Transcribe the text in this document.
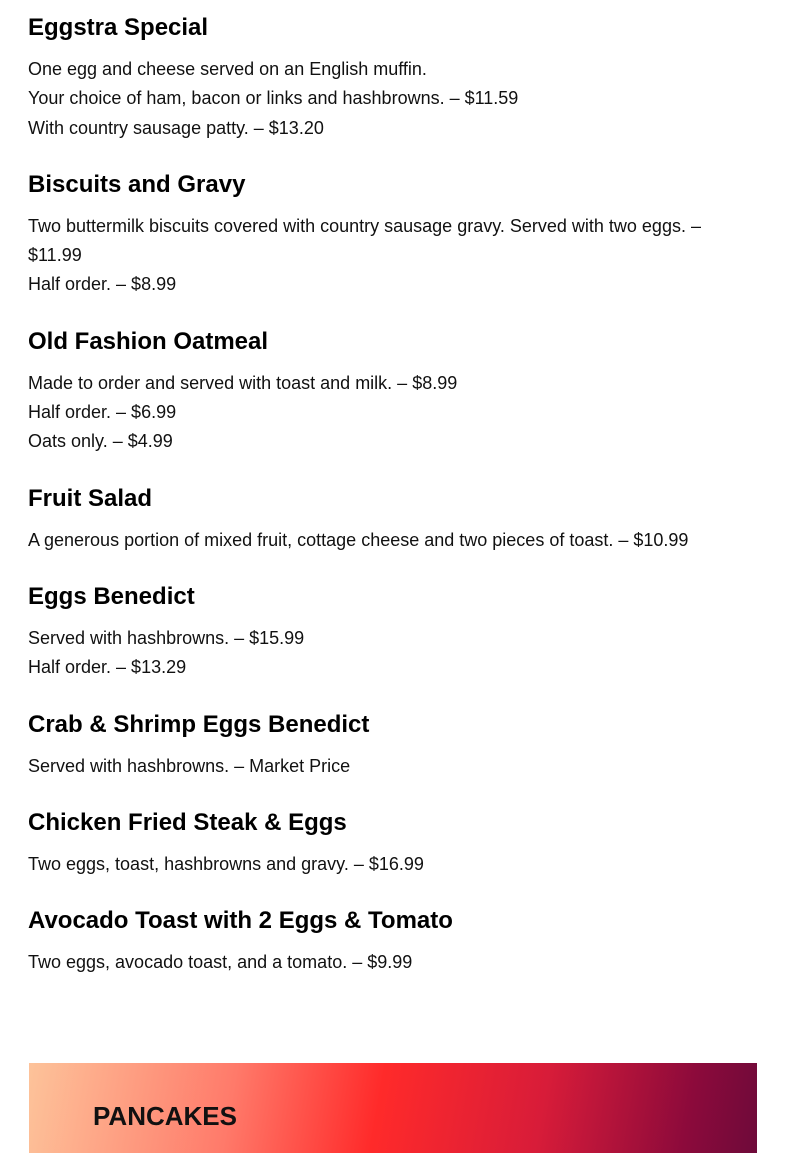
Eggstra Special
One egg and cheese served on an English muffin.
Your choice of ham, bacon or links and hashbrowns. – $11.59
With country sausage patty. – $13.20
Biscuits and Gravy
Two buttermilk biscuits covered with country sausage gravy. Served with two eggs. – $11.99
Half order. – $8.99
Old Fashion Oatmeal
Made to order and served with toast and milk. – $8.99
Half order. – $6.99
Oats only. – $4.99
Fruit Salad
A generous portion of mixed fruit, cottage cheese and two pieces of toast. – $10.99
Eggs Benedict
Served with hashbrowns. – $15.99
Half order. – $13.29
Crab & Shrimp Eggs Benedict
Served with hashbrowns. – Market Price
Chicken Fried Steak & Eggs
Two eggs, toast, hashbrowns and gravy. – $16.99
Avocado Toast with 2 Eggs & Tomato
Two eggs, avocado toast, and a tomato. – $9.99
PANCAKES
